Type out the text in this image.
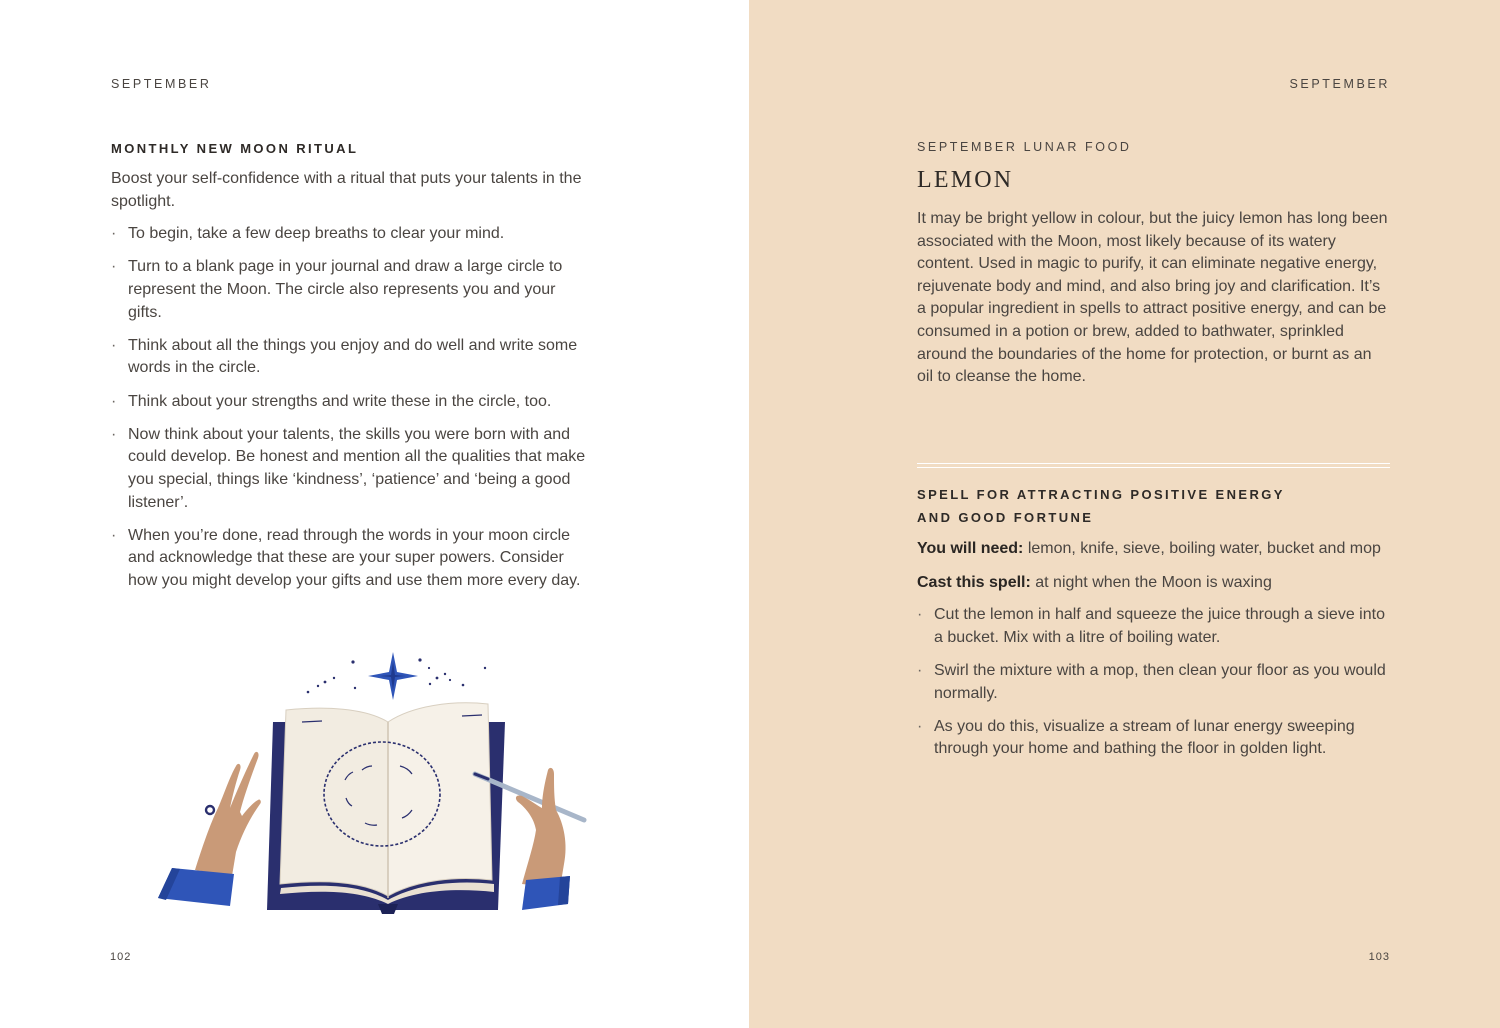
SEPTEMBER
MONTHLY NEW MOON RITUAL
Boost your self-confidence with a ritual that puts your talents in the spotlight.
· To begin, take a few deep breaths to clear your mind.
· Turn to a blank page in your journal and draw a large circle to represent the Moon. The circle also represents you and your gifts.
· Think about all the things you enjoy and do well and write some words in the circle.
· Think about your strengths and write these in the circle, too.
· Now think about your talents, the skills you were born with and could develop. Be honest and mention all the qualities that make you special, things like ‘kindness’, ‘patience’ and ‘being a good listener’.
· When you’re done, read through the words in your moon circle and acknowledge that these are your super powers. Consider how you might develop your gifts and use them more every day.
102
SEPTEMBER
SEPTEMBER LUNAR FOOD
LEMON
It may be bright yellow in colour, but the juicy lemon has long been associated with the Moon, most likely because of its watery content. Used in magic to purify, it can eliminate negative energy, rejuvenate body and mind, and also bring joy and clarification. It’s a popular ingredient in spells to attract positive energy, and can be consumed in a potion or brew, added to bathwater, sprinkled around the boundaries of the home for protection, or burnt as an oil to cleanse the home.
SPELL FOR ATTRACTING POSITIVE ENERGY
AND GOOD FORTUNE
You will need: lemon, knife, sieve, boiling water, bucket and mop
Cast this spell: at night when the Moon is waxing
· Cut the lemon in half and squeeze the juice through a sieve into a bucket. Mix with a litre of boiling water.
· Swirl the mixture with a mop, then clean your floor as you would normally.
· As you do this, visualize a stream of lunar energy sweeping through your home and bathing the floor in golden light.
103
